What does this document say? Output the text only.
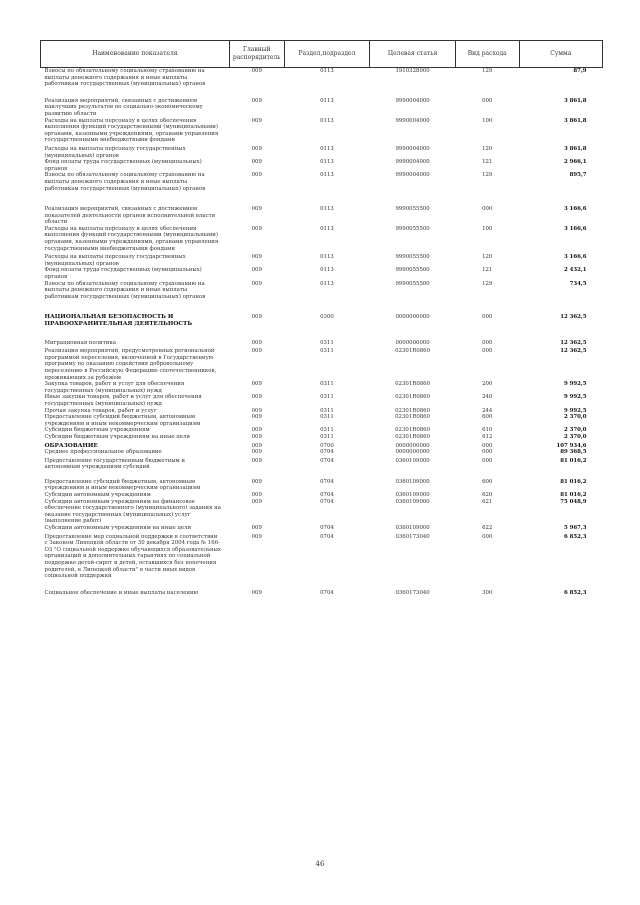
Наименование показателя	Главный распорядитель	Раздел,подраздел	Целевая статья	Вид расхода	Сумма
Взносы по обязательному социальному страхованию на выплаты денежного содержания и иные выплаты работникам государственных (муниципальных) органов	009	0113	1910328000	129	87,9
Реализация мероприятий, связанных с достижением наилучших результатов по социально-экономическому развитию области	009	0113	9990004000	000	3 861,8
Расходы на выплаты персоналу в целях обеспечения выполнения функций государственными (муниципальными) органами, казенными учреждениями, органами управления государственными внебюджетными фондами	009	0113	9990004000	100	3 861,8
Расходы на выплаты персоналу государственных (муниципальных) органов	009	0113	9990004000	120	3 861,8
Фонд оплаты труда государственных (муниципальных) органов	009	0113	9990004000	121	2 966,1
Взносы по обязательному социальному страхованию на выплаты денежного содержания и иные выплаты работникам государственных (муниципальных) органов	009	0113	9990004000	129	895,7
Реализация мероприятий, связанных с достижением показателей деятельности органов исполнительной власти области	009	0113	9990055500	000	3 166,6
Расходы на выплаты персоналу в целях обеспечения выполнения функций государственными (муниципальными) органами, казенными учреждениями, органами управления государственными внебюджетными фондами	009	0113	9990055500	100	3 166,6
Расходы на выплаты персоналу государственных (муниципальных) органов	009	0113	9990055500	120	3 166,6
Фонд оплаты труда государственных (муниципальных) органов	009	0113	9990055500	121	2 432,1
Взносы по обязательному социальному страхованию на выплаты денежного содержания и иные выплаты работникам государственных (муниципальных) органов	009	0113	9990055500	129	734,5
НАЦИОНАЛЬНАЯ БЕЗОПАСНОСТЬ И ПРАВООХРАНИТЕЛЬНАЯ ДЕЯТЕЛЬНОСТЬ	009	0300	0000000000	000	12 362,5
Миграционная политика	009	0311	0000000000	000	12 362,5
Реализация мероприятий, предусмотренных региональной программой переселения, включенной в Государственную программу по оказанию содействия добровольному переселению в Российскую Федерацию соотечественников, проживающих за рубежом	009	0311	02301R0860	000	12 362,5
Закупка товаров, работ и услуг для обеспечения государственных (муниципальных) нужд	009	0311	02301R0860	200	9 992,5
Иные закупки товаров, работ и услуг для обеспечения государственных (муниципальных) нужд	009	0311	02301R0860	240	9 992,5
Прочая закупка товаров, работ и услуг	009	0311	02301R0860	244	9 992,5
Предоставление субсидий бюджетным, автономным учреждениям и иным некоммерческим организациям	009	0311	02301R0860	600	2 370,0
Субсидии бюджетным учреждениям	009	0311	02301R0860	610	2 370,0
Субсидии бюджетным учреждениям на иные цели	009	0311	02301R0860	612	2 370,0
ОБРАЗОВАНИЕ	009	0700	0000000000	000	107 934,6
Среднее профессиональное образование	009	0704	0000000000	000	89 368,5
Предоставление государственным бюджетным и автономным учреждениям субсидий	009	0704	0360109000	000	81 016,2
Предоставление субсидий бюджетным, автономным учреждениям и иным некоммерческим организациям	009	0704	0360109000	600	81 016,2
Субсидии автономным учреждениям	009	0704	0360109000	620	81 016,2
Субсидии автономным учреждениям на финансовое обеспечение государственного (муниципального) задания на оказание государственных (муниципальных) услуг (выполнение работ)	009	0704	0360109000	621	75 048,9
Субсидии автономным учреждениям на иные цели	009	0704	0360109000	622	5 967,3
Предоставление мер социальной поддержки в соответствии с Законом Липецкой области от 30 декабря 2004 года № 166-ОЗ "О социальной поддержке обучающихся образовательных организаций и дополнительных гарантиях по социальной поддержке детей-сирот и детей, оставшихся без попечения родителей, в Липецкой области" в части иных видов социальной поддержки	009	0704	0360173040	000	6 852,3
Социальное обеспечение и иные выплаты населению	009	0704	0360173040	300	6 852,3
46
